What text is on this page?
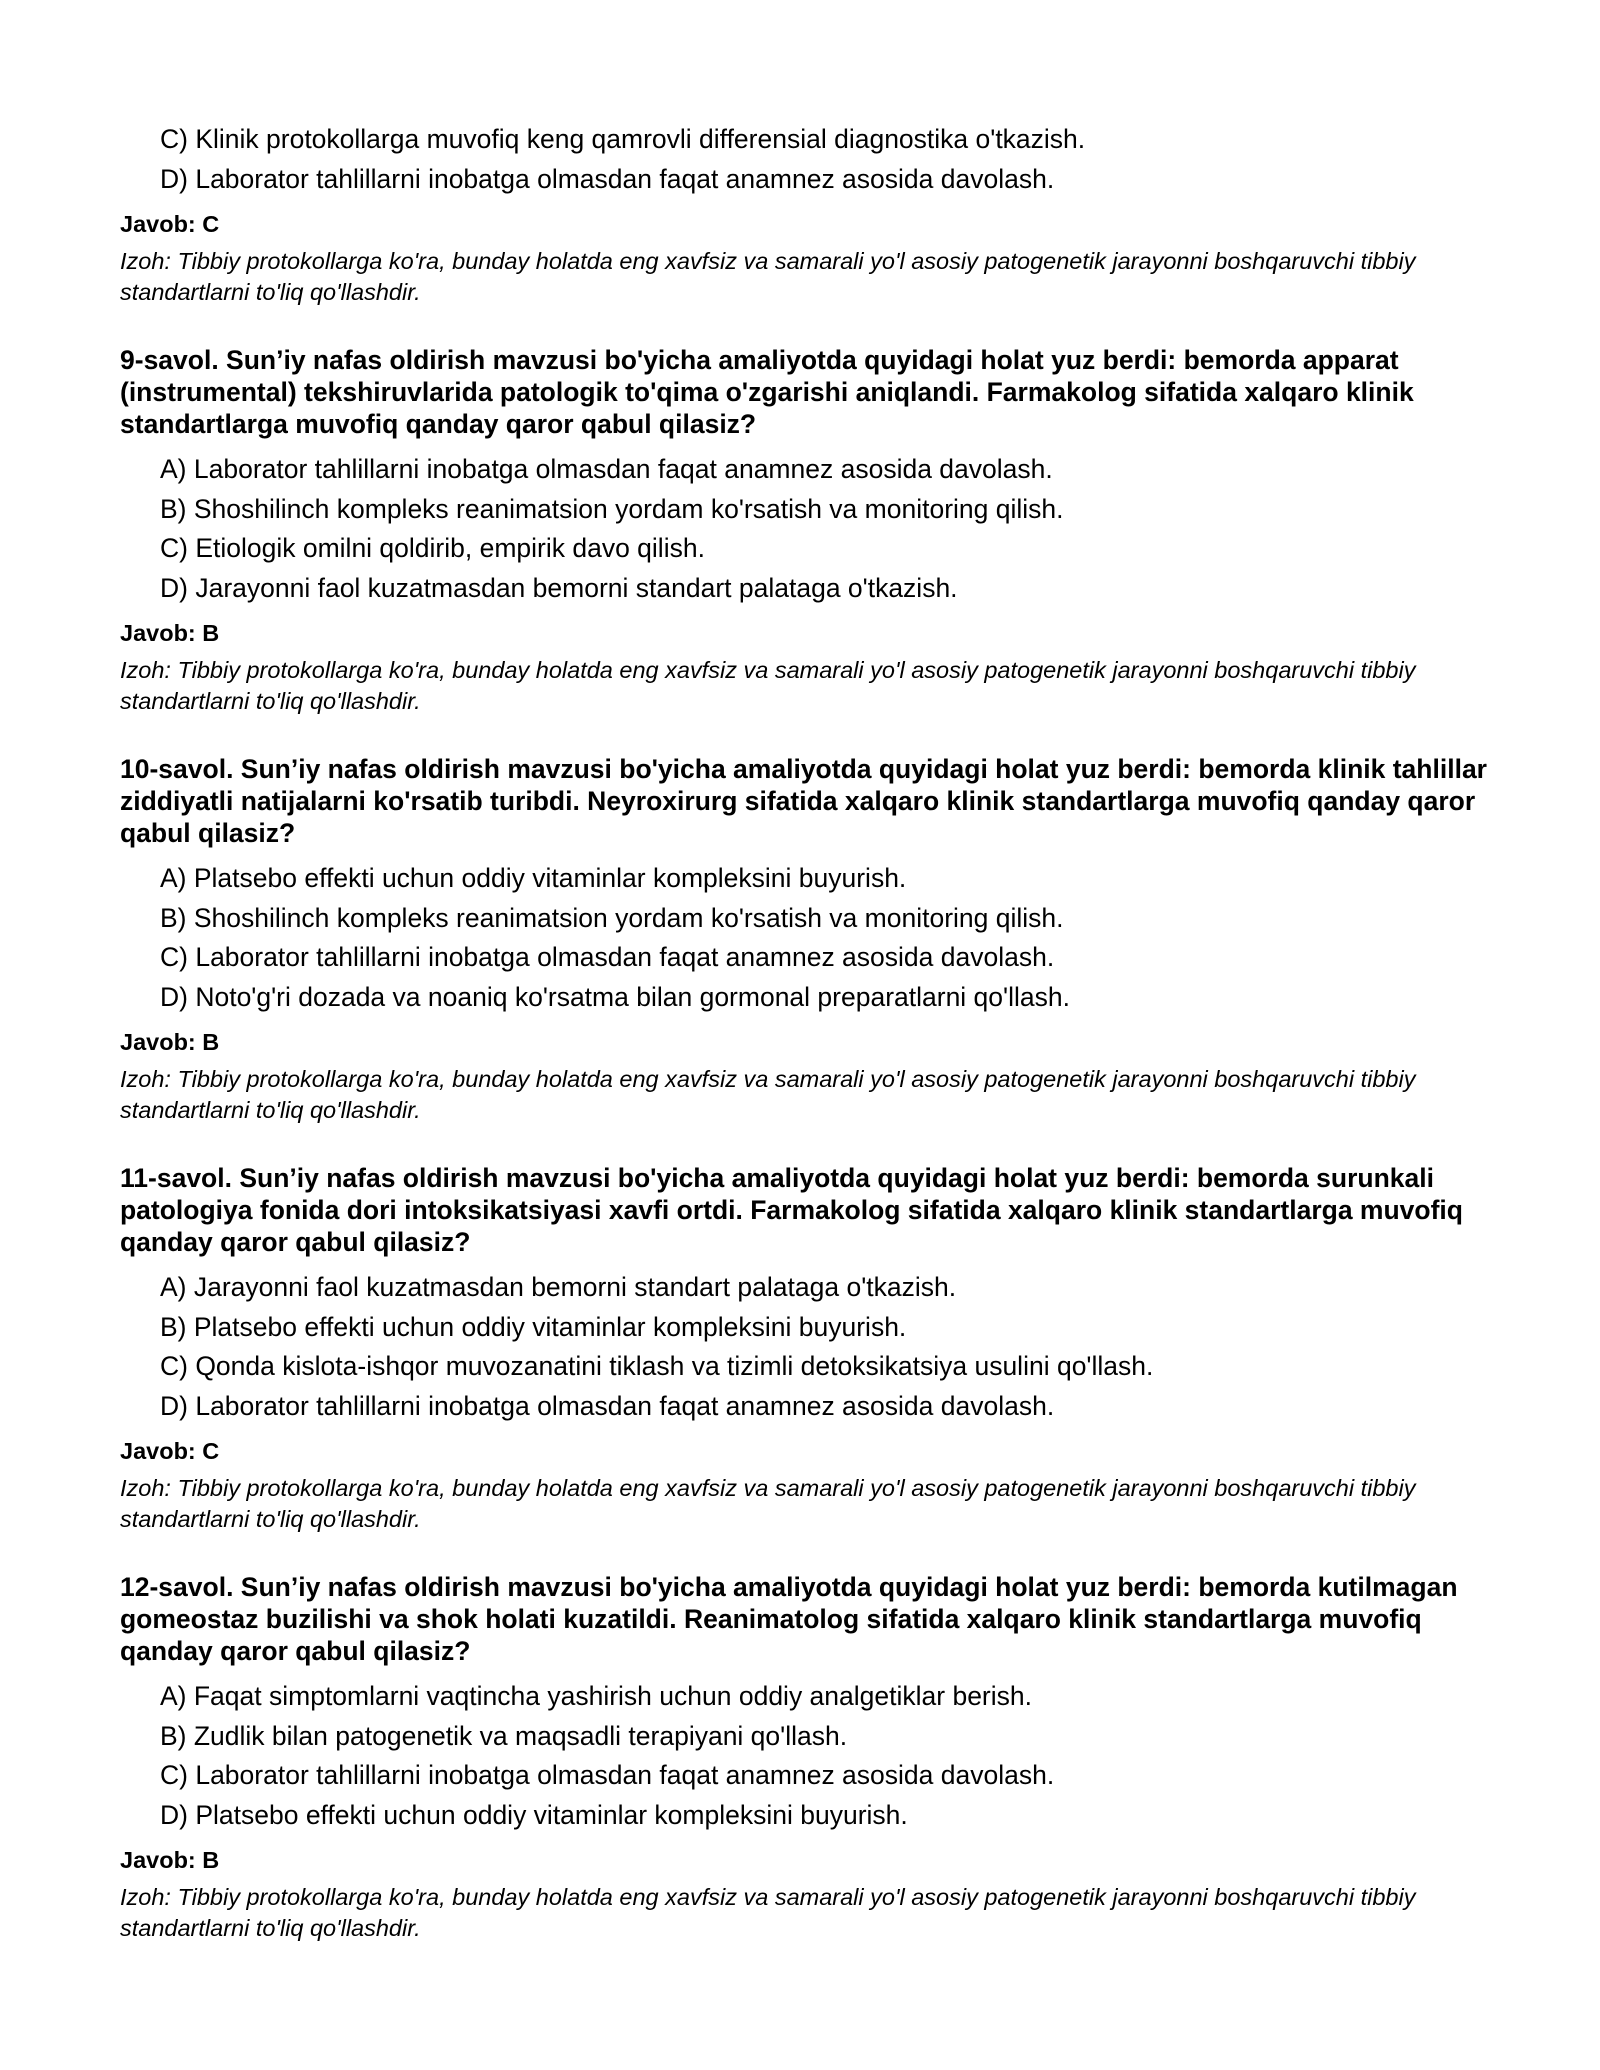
C) Klinik protokollarga muvofiq keng qamrovli differensial diagnostika o'tkazish.
D) Laborator tahlillarni inobatga olmasdan faqat anamnez asosida davolash.
Javob: C
Izoh: Tibbiy protokollarga ko'ra, bunday holatda eng xavfsiz va samarali yo'l asosiy patogenetik jarayonni boshqaruvchi tibbiy standartlarni to'liq qo'llashdir.
9-savol. Sun’iy nafas oldirish mavzusi bo'yicha amaliyotda quyidagi holat yuz berdi: bemorda apparat (instrumental) tekshiruvlarida patologik to'qima o'zgarishi aniqlandi. Farmakolog sifatida xalqaro klinik standartlarga muvofiq qanday qaror qabul qilasiz?
A) Laborator tahlillarni inobatga olmasdan faqat anamnez asosida davolash.
B) Shoshilinch kompleks reanimatsion yordam ko'rsatish va monitoring qilish.
C) Etiologik omilni qoldirib, empirik davo qilish.
D) Jarayonni faol kuzatmasdan bemorni standart palataga o'tkazish.
Javob: B
Izoh: Tibbiy protokollarga ko'ra, bunday holatda eng xavfsiz va samarali yo'l asosiy patogenetik jarayonni boshqaruvchi tibbiy standartlarni to'liq qo'llashdir.
10-savol. Sun’iy nafas oldirish mavzusi bo'yicha amaliyotda quyidagi holat yuz berdi: bemorda klinik tahlillar ziddiyatli natijalarni ko'rsatib turibdi. Neyroxirurg sifatida xalqaro klinik standartlarga muvofiq qanday qaror qabul qilasiz?
A) Platsebo effekti uchun oddiy vitaminlar kompleksini buyurish.
B) Shoshilinch kompleks reanimatsion yordam ko'rsatish va monitoring qilish.
C) Laborator tahlillarni inobatga olmasdan faqat anamnez asosida davolash.
D) Noto'g'ri dozada va noaniq ko'rsatma bilan gormonal preparatlarni qo'llash.
Javob: B
Izoh: Tibbiy protokollarga ko'ra, bunday holatda eng xavfsiz va samarali yo'l asosiy patogenetik jarayonni boshqaruvchi tibbiy standartlarni to'liq qo'llashdir.
11-savol. Sun’iy nafas oldirish mavzusi bo'yicha amaliyotda quyidagi holat yuz berdi: bemorda surunkali patologiya fonida dori intoksikatsiyasi xavfi ortdi. Farmakolog sifatida xalqaro klinik standartlarga muvofiq qanday qaror qabul qilasiz?
A) Jarayonni faol kuzatmasdan bemorni standart palataga o'tkazish.
B) Platsebo effekti uchun oddiy vitaminlar kompleksini buyurish.
C) Qonda kislota-ishqor muvozanatini tiklash va tizimli detoksikatsiya usulini qo'llash.
D) Laborator tahlillarni inobatga olmasdan faqat anamnez asosida davolash.
Javob: C
Izoh: Tibbiy protokollarga ko'ra, bunday holatda eng xavfsiz va samarali yo'l asosiy patogenetik jarayonni boshqaruvchi tibbiy standartlarni to'liq qo'llashdir.
12-savol. Sun’iy nafas oldirish mavzusi bo'yicha amaliyotda quyidagi holat yuz berdi: bemorda kutilmagan gomeostaz buzilishi va shok holati kuzatildi. Reanimatolog sifatida xalqaro klinik standartlarga muvofiq qanday qaror qabul qilasiz?
A) Faqat simptomlarni vaqtincha yashirish uchun oddiy analgetiklar berish.
B) Zudlik bilan patogenetik va maqsadli terapiyani qo'llash.
C) Laborator tahlillarni inobatga olmasdan faqat anamnez asosida davolash.
D) Platsebo effekti uchun oddiy vitaminlar kompleksini buyurish.
Javob: B
Izoh: Tibbiy protokollarga ko'ra, bunday holatda eng xavfsiz va samarali yo'l asosiy patogenetik jarayonni boshqaruvchi tibbiy standartlarni to'liq qo'llashdir.
